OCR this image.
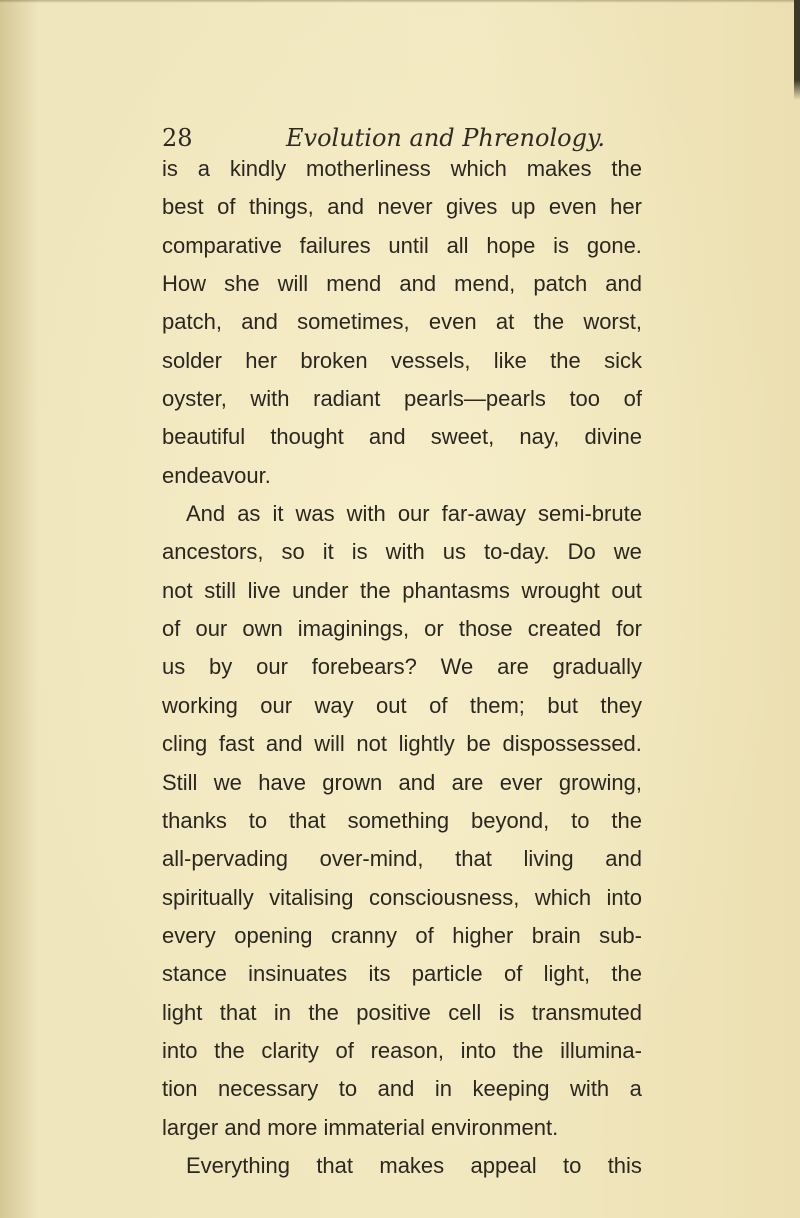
28	Evolution and Phrenology.
is a kindly motherliness which makes the
best of things, and never gives up even her
comparative failures until all hope is gone.
How she will mend and mend, patch and
patch, and sometimes, even at the worst,
solder her broken vessels, like the sick
oyster, with radiant pearls—pearls too of
beautiful thought and sweet, nay, divine
endeavour.
And as it was with our far-away semi-brute
ancestors, so it is with us to-day. Do we
not still live under the phantasms wrought out
of our own imaginings, or those created for
us by our forebears? We are gradually
working our way out of them; but they
cling fast and will not lightly be dispossessed.
Still we have grown and are ever growing,
thanks to that something beyond, to the
all-pervading over-mind, that living and
spiritually vitalising consciousness, which into
every opening cranny of higher brain sub-
stance insinuates its particle of light, the
light that in the positive cell is transmuted
into the clarity of reason, into the illumina-
tion necessary to and in keeping with a
larger and more immaterial environment.
Everything that makes appeal to this
